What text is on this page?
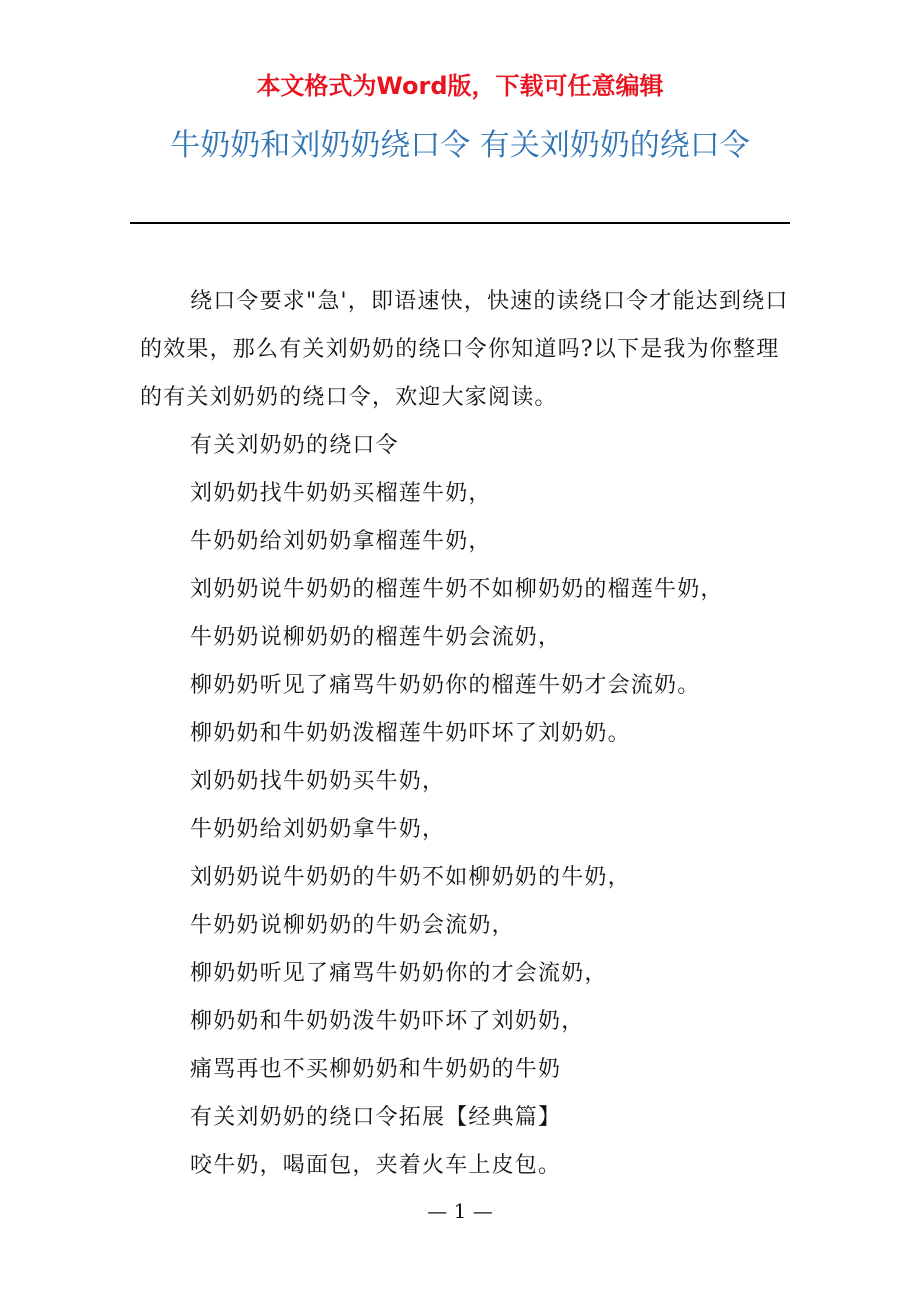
本文格式为Word版，下载可任意编辑
牛奶奶和刘奶奶绕口令 有关刘奶奶的绕口令

绕口令要求"急'，即语速快，快速的读绕口令才能达到绕口的效果，那么有关刘奶奶的绕口令你知道吗?以下是我为你整理的有关刘奶奶的绕口令，欢迎大家阅读。

有关刘奶奶的绕口令

刘奶奶找牛奶奶买榴莲牛奶，

牛奶奶给刘奶奶拿榴莲牛奶，

刘奶奶说牛奶奶的榴莲牛奶不如柳奶奶的榴莲牛奶，

牛奶奶说柳奶奶的榴莲牛奶会流奶，

柳奶奶听见了痛骂牛奶奶你的榴莲牛奶才会流奶。

柳奶奶和牛奶奶泼榴莲牛奶吓坏了刘奶奶。

刘奶奶找牛奶奶买牛奶，

牛奶奶给刘奶奶拿牛奶，

刘奶奶说牛奶奶的牛奶不如柳奶奶的牛奶，

牛奶奶说柳奶奶的牛奶会流奶，

柳奶奶听见了痛骂牛奶奶你的才会流奶，

柳奶奶和牛奶奶泼牛奶吓坏了刘奶奶，

痛骂再也不买柳奶奶和牛奶奶的牛奶

有关刘奶奶的绕口令拓展【经典篇】

咬牛奶，喝面包，夹着火车上皮包。

— 1 —
